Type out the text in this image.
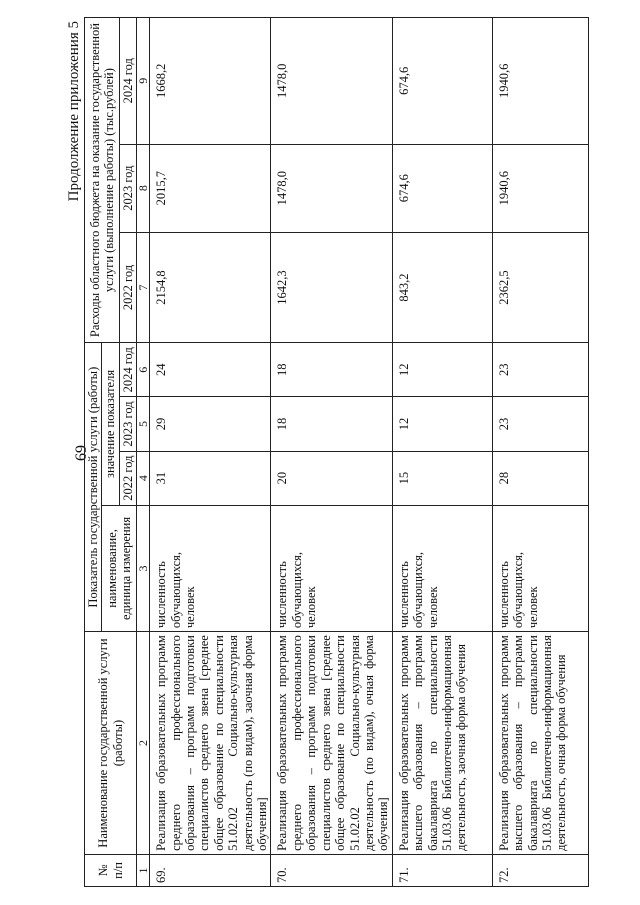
69
Продолжение приложения 5
№ п/п	Наименование государственной услуги (работы)	Показатель государственной услуги (работы)				Расходы областного бюджета на оказание государственной услуги (выполнение работы) (тыс.рублей)		
		наименование, единица измерения	значение показателя					
			2022 год	2023 год	2024 год	2022 год	2023 год	2024 год
1	2	3	4	5	6	7	8	9
69.	Реализация образовательных программ среднего профессионального образования – программ подготовки специалистов среднего звена [среднее общее образование по специальности 51.02.02 Социально-культурная деятельность (по видам), заочная форма обучения]	численность обучающихся, человек	31	29	24	2154,8	2015,7	1668,2
70.	Реализация образовательных программ среднего профессионального образования – программ подготовки специалистов среднего звена [среднее общее образование по специальности 51.02.02 Социально-культурная деятельность (по видам), очная форма обучения]	численность обучающихся, человек	20	18	18	1642,3	1478,0	1478,0
71.	Реализация образовательных программ высшего образования – программ бакалавриата по специальности 51.03.06 Библиотечно-информационная деятельность, заочная форма обучения	численность обучающихся, человек	15	12	12	843,2	674,6	674,6
72.	Реализация образовательных программ высшего образования – программ бакалавриата по специальности 51.03.06 Библиотечно-информационная деятельность, очная форма обучения	численность обучающихся, человек	28	23	23	2362,5	1940,6	1940,6
